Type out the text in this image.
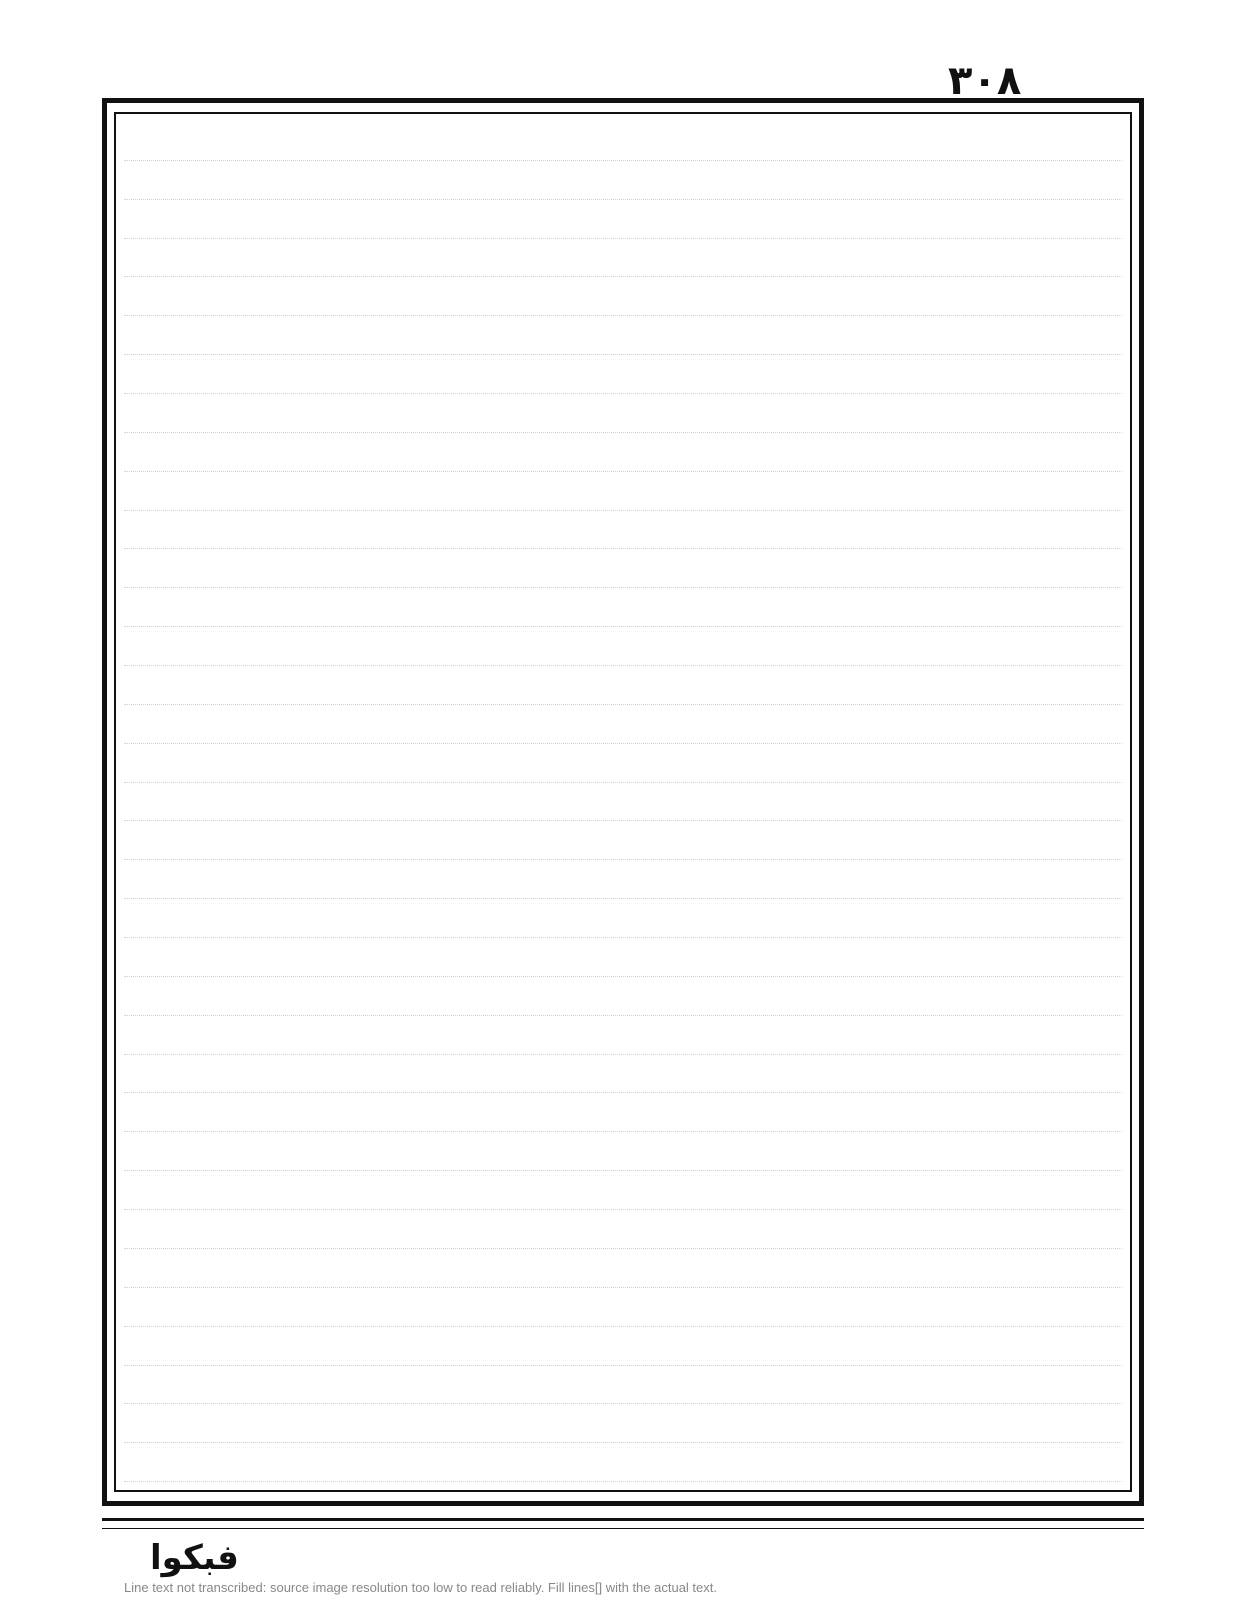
٣٠٨
فبكوا
Line text not transcribed: source image resolution too low to read reliably. Fill lines[] with the actual text.
